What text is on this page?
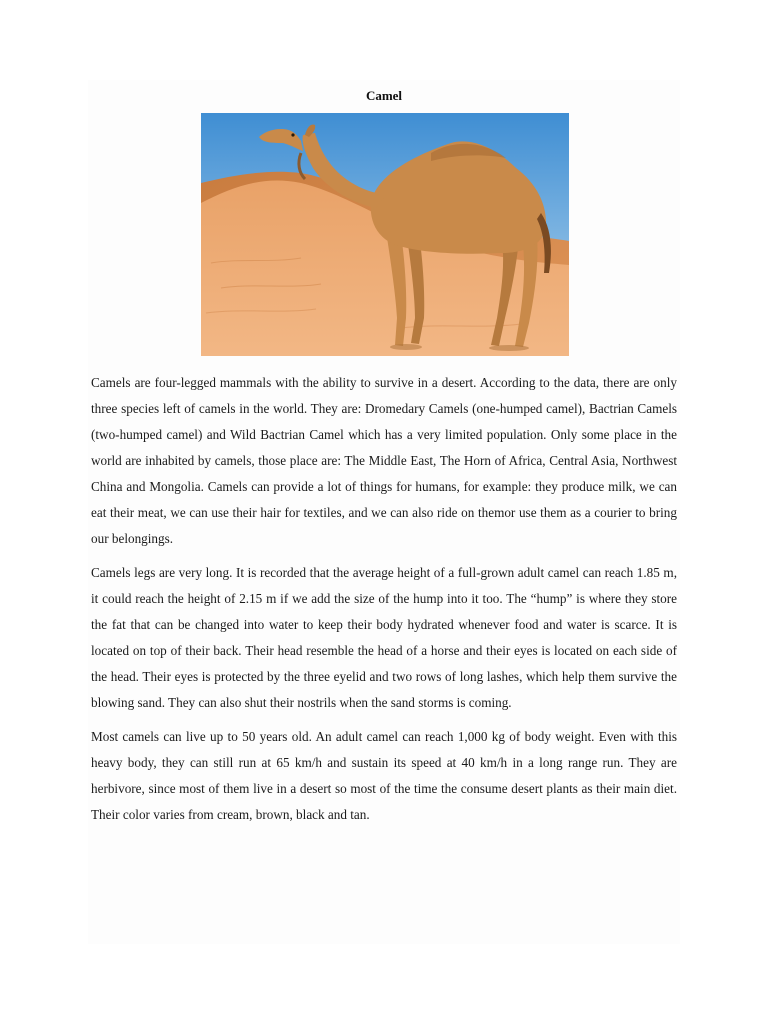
Camel

Camels are four-legged mammals with the ability to survive in a desert. According to the data, there are only three species left of camels in the world. They are: Dromedary Camels (one-humped camel), Bactrian Camels (two-humped camel) and Wild Bactrian Camel which has a very limited population. Only some place in the world are inhabited by camels, those place are: The Middle East, The Horn of Africa, Central Asia, Northwest China and Mongolia. Camels can provide a lot of things for humans, for example: they produce milk, we can eat their meat, we can use their hair for textiles, and we can also ride on themor use them as a courier to bring our belongings.

Camels legs are very long. It is recorded that the average height of a full-grown adult camel can reach 1.85 m, it could reach the height of 2.15 m if we add the size of the hump into it too. The “hump” is where they store the fat that can be changed into water to keep their body hydrated whenever food and water is scarce. It is located on top of their back. Their head resemble the head of a horse and their eyes is located on each side of the head. Their eyes is protected by the three eyelid and two rows of long lashes, which help them survive the blowing sand. They can also shut their nostrils when the sand storms is coming.

Most camels can live up to 50 years old. An adult camel can reach 1,000 kg of body weight. Even with this heavy body, they can still run at 65 km/h and sustain its speed at 40 km/h in a long range run. They are herbivore, since most of them live in a desert so most of the time the consume desert plants as their main diet. Their color varies from cream, brown, black and tan.
